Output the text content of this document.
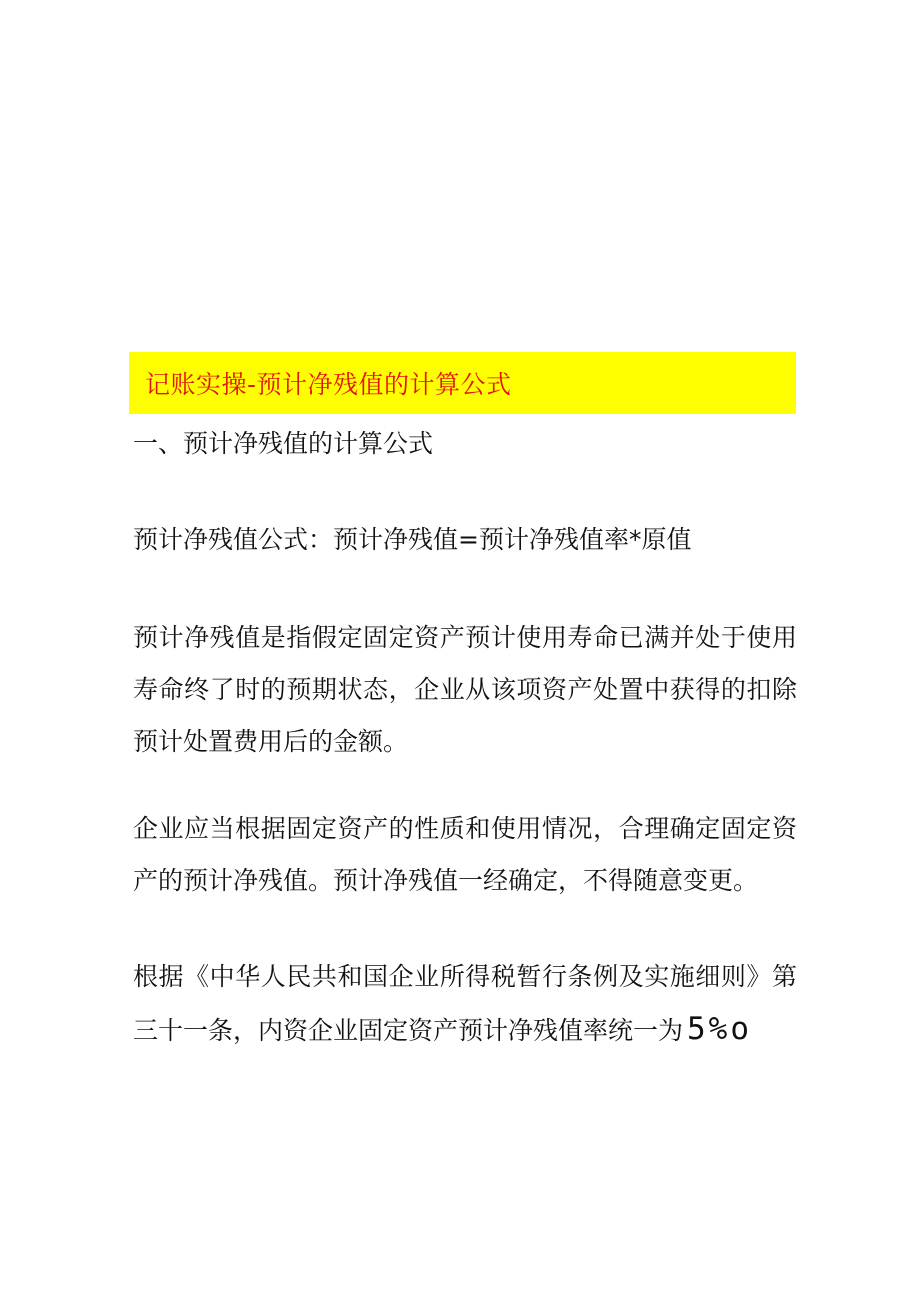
记账实操-预计净残值的计算公式
一、预计净残值的计算公式

预计净残值公式：预计净残值=预计净残值率*原值

预计净残值是指假定固定资产预计使用寿命已满并处于使用寿命终了时的预期状态，企业从该项资产处置中获得的扣除预计处置费用后的金额。

企业应当根据固定资产的性质和使用情况，合理确定固定资产的预计净残值。预计净残值一经确定，不得随意变更。

根据《中华人民共和国企业所得税暂行条例及实施细则》第三十一条，内资企业固定资产预计净残值率统一为 5%o
